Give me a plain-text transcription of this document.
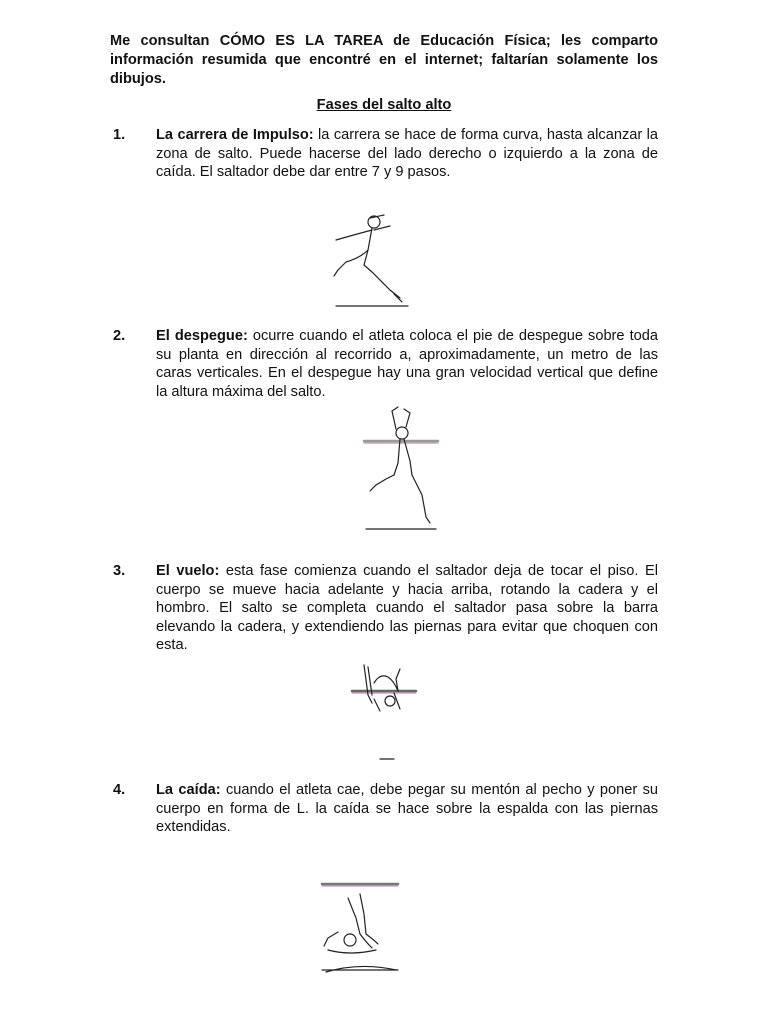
Me consultan CÓMO ES LA TAREA de Educación Física; les comparto información resumida que encontré en el internet; faltarían solamente los dibujos.

Fases del salto alto

1. La carrera de Impulso: la carrera se hace de forma curva, hasta alcanzar la zona de salto. Puede hacerse del lado derecho o izquierdo a la zona de caída. El saltador debe dar entre 7 y 9 pasos.

2. El despegue: ocurre cuando el atleta coloca el pie de despegue sobre toda su planta en dirección al recorrido a, aproximadamente, un metro de las caras verticales. En el despegue hay una gran velocidad vertical que define la altura máxima del salto.

3. El vuelo: esta fase comienza cuando el saltador deja de tocar el piso. El cuerpo se mueve hacia adelante y hacia arriba, rotando la cadera y el hombro. El salto se completa cuando el saltador pasa sobre la barra elevando la cadera, y extendiendo las piernas para evitar que choquen con esta.

4. La caída: cuando el atleta cae, debe pegar su mentón al pecho y poner su cuerpo en forma de L. la caída se hace sobre la espalda con las piernas extendidas.
